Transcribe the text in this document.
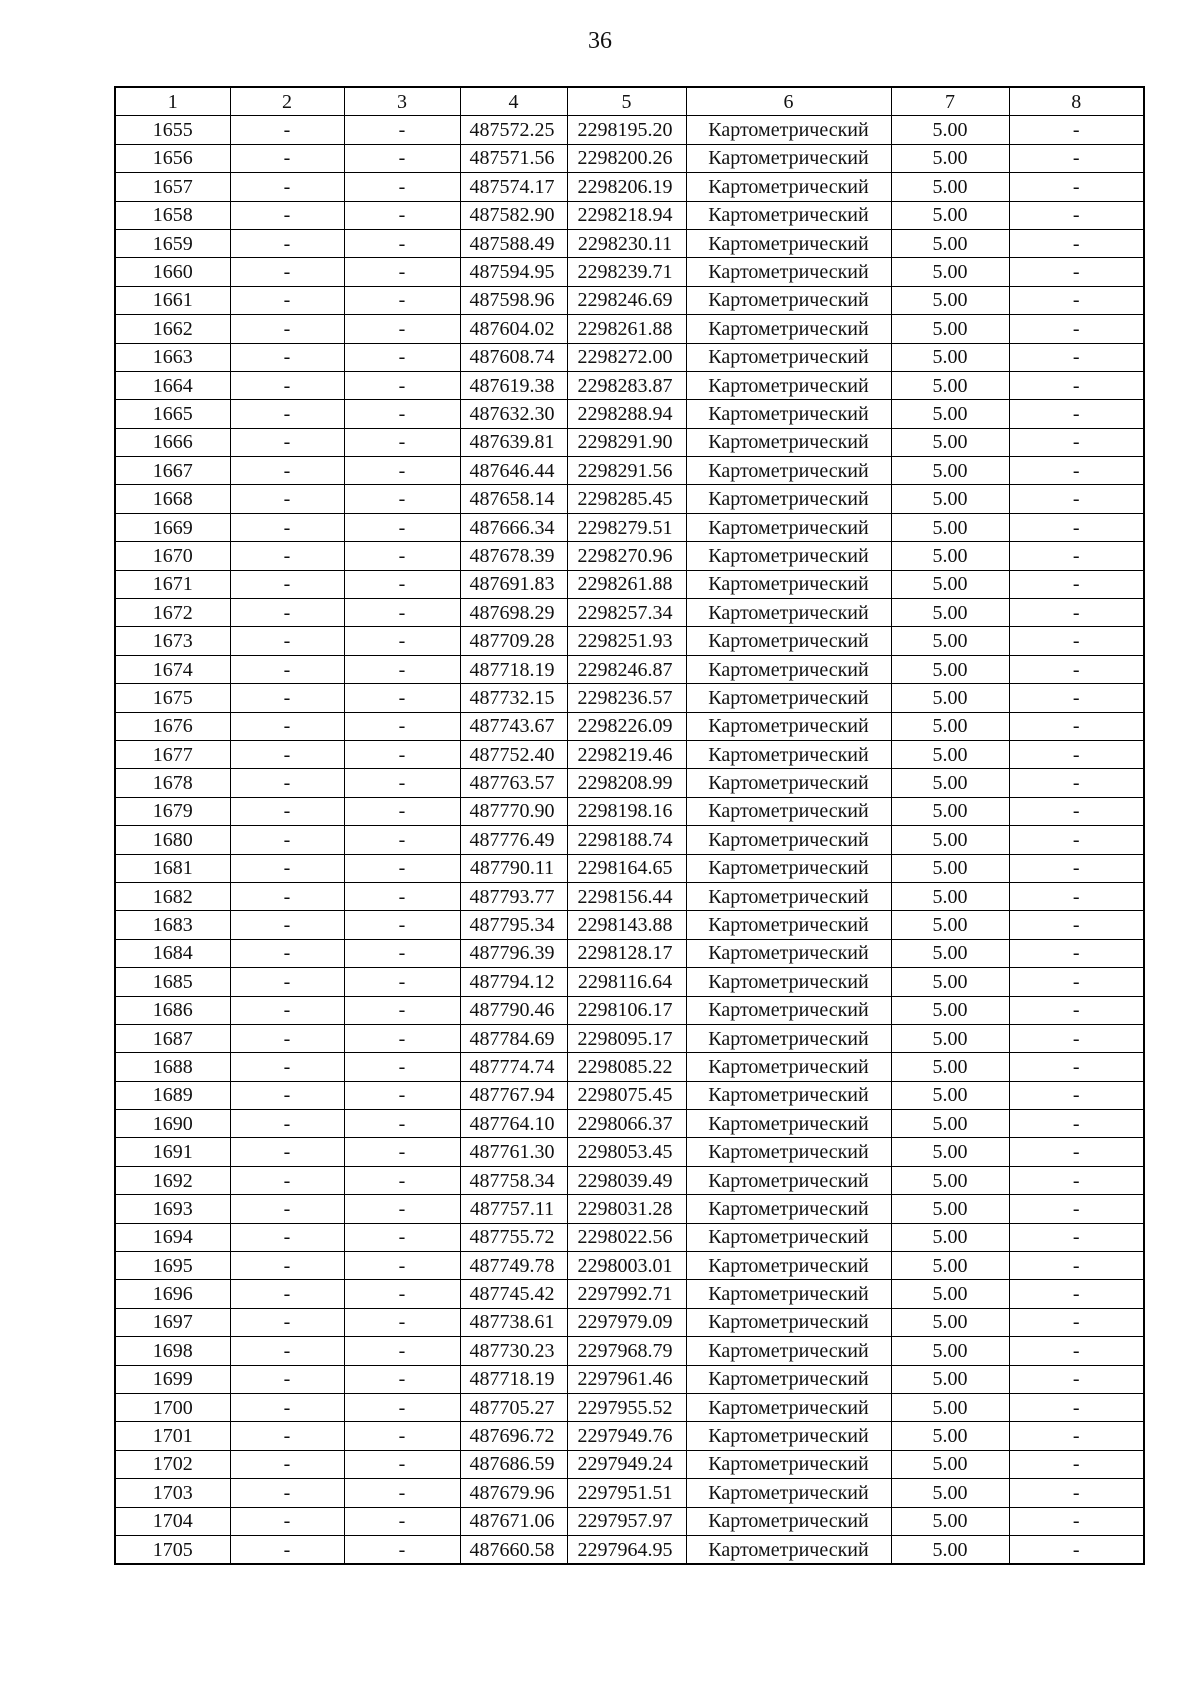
36
1	2	3	4	5	6	7	8
1655	-	-	487572.25	2298195.20	Картометрический	5.00	-
1656	-	-	487571.56	2298200.26	Картометрический	5.00	-
1657	-	-	487574.17	2298206.19	Картометрический	5.00	-
1658	-	-	487582.90	2298218.94	Картометрический	5.00	-
1659	-	-	487588.49	2298230.11	Картометрический	5.00	-
1660	-	-	487594.95	2298239.71	Картометрический	5.00	-
1661	-	-	487598.96	2298246.69	Картометрический	5.00	-
1662	-	-	487604.02	2298261.88	Картометрический	5.00	-
1663	-	-	487608.74	2298272.00	Картометрический	5.00	-
1664	-	-	487619.38	2298283.87	Картометрический	5.00	-
1665	-	-	487632.30	2298288.94	Картометрический	5.00	-
1666	-	-	487639.81	2298291.90	Картометрический	5.00	-
1667	-	-	487646.44	2298291.56	Картометрический	5.00	-
1668	-	-	487658.14	2298285.45	Картометрический	5.00	-
1669	-	-	487666.34	2298279.51	Картометрический	5.00	-
1670	-	-	487678.39	2298270.96	Картометрический	5.00	-
1671	-	-	487691.83	2298261.88	Картометрический	5.00	-
1672	-	-	487698.29	2298257.34	Картометрический	5.00	-
1673	-	-	487709.28	2298251.93	Картометрический	5.00	-
1674	-	-	487718.19	2298246.87	Картометрический	5.00	-
1675	-	-	487732.15	2298236.57	Картометрический	5.00	-
1676	-	-	487743.67	2298226.09	Картометрический	5.00	-
1677	-	-	487752.40	2298219.46	Картометрический	5.00	-
1678	-	-	487763.57	2298208.99	Картометрический	5.00	-
1679	-	-	487770.90	2298198.16	Картометрический	5.00	-
1680	-	-	487776.49	2298188.74	Картометрический	5.00	-
1681	-	-	487790.11	2298164.65	Картометрический	5.00	-
1682	-	-	487793.77	2298156.44	Картометрический	5.00	-
1683	-	-	487795.34	2298143.88	Картометрический	5.00	-
1684	-	-	487796.39	2298128.17	Картометрический	5.00	-
1685	-	-	487794.12	2298116.64	Картометрический	5.00	-
1686	-	-	487790.46	2298106.17	Картометрический	5.00	-
1687	-	-	487784.69	2298095.17	Картометрический	5.00	-
1688	-	-	487774.74	2298085.22	Картометрический	5.00	-
1689	-	-	487767.94	2298075.45	Картометрический	5.00	-
1690	-	-	487764.10	2298066.37	Картометрический	5.00	-
1691	-	-	487761.30	2298053.45	Картометрический	5.00	-
1692	-	-	487758.34	2298039.49	Картометрический	5.00	-
1693	-	-	487757.11	2298031.28	Картометрический	5.00	-
1694	-	-	487755.72	2298022.56	Картометрический	5.00	-
1695	-	-	487749.78	2298003.01	Картометрический	5.00	-
1696	-	-	487745.42	2297992.71	Картометрический	5.00	-
1697	-	-	487738.61	2297979.09	Картометрический	5.00	-
1698	-	-	487730.23	2297968.79	Картометрический	5.00	-
1699	-	-	487718.19	2297961.46	Картометрический	5.00	-
1700	-	-	487705.27	2297955.52	Картометрический	5.00	-
1701	-	-	487696.72	2297949.76	Картометрический	5.00	-
1702	-	-	487686.59	2297949.24	Картометрический	5.00	-
1703	-	-	487679.96	2297951.51	Картометрический	5.00	-
1704	-	-	487671.06	2297957.97	Картометрический	5.00	-
1705	-	-	487660.58	2297964.95	Картометрический	5.00	-
